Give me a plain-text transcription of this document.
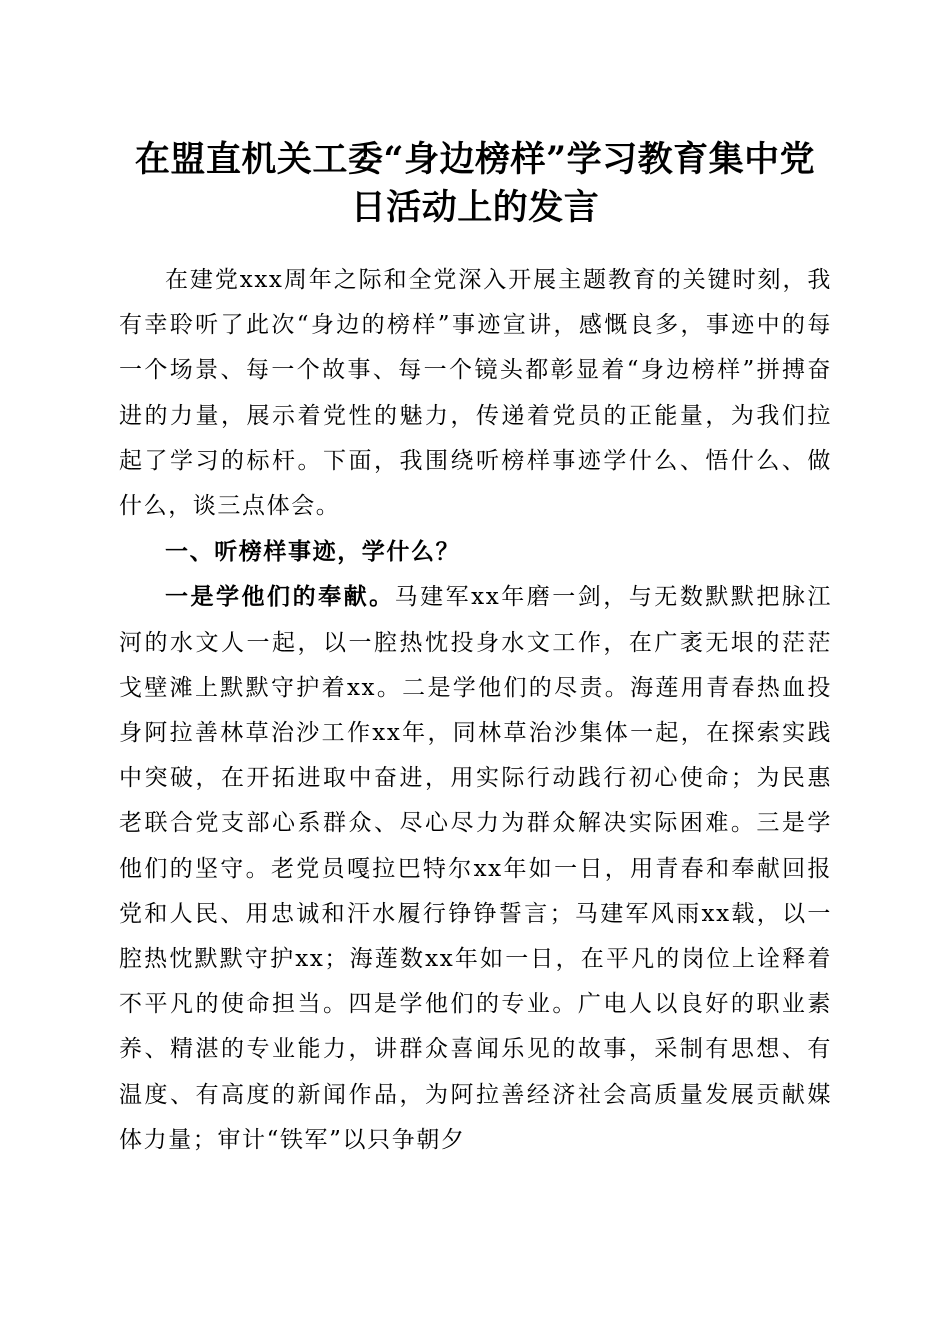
在盟直机关工委“身边榜样”学习教育集中党
日活动上的发言

在建党xxx周年之际和全党深入开展主题教育的关键时刻，我有幸聆听了此次“身边的榜样”事迹宣讲，感慨良多，事迹中的每一个场景、每一个故事、每一个镜头都彰显着“身边榜样”拼搏奋进的力量，展示着党性的魅力，传递着党员的正能量，为我们拉起了学习的标杆。下面，我围绕听榜样事迹学什么、悟什么、做什么，谈三点体会。

一、听榜样事迹，学什么？

一是学他们的奉献。马建军xx年磨一剑，与无数默默把脉江河的水文人一起，以一腔热忱投身水文工作，在广袤无垠的茫茫戈壁滩上默默守护着xx。二是学他们的尽责。海莲用青春热血投身阿拉善林草治沙工作xx年，同林草治沙集体一起，在探索实践中突破，在开拓进取中奋进，用实际行动践行初心使命；为民惠老联合党支部心系群众、尽心尽力为群众解决实际困难。三是学他们的坚守。老党员嘎拉巴特尔xx年如一日，用青春和奉献回报党和人民、用忠诚和汗水履行铮铮誓言；马建军风雨xx载，以一腔热忱默默守护xx；海莲数xx年如一日，在平凡的岗位上诠释着不平凡的使命担当。四是学他们的专业。广电人以良好的职业素养、精湛的专业能力，讲群众喜闻乐见的故事，采制有思想、有温度、有高度的新闻作品，为阿拉善经济社会高质量发展贡献媒体力量；审计“铁军”以只争朝夕
